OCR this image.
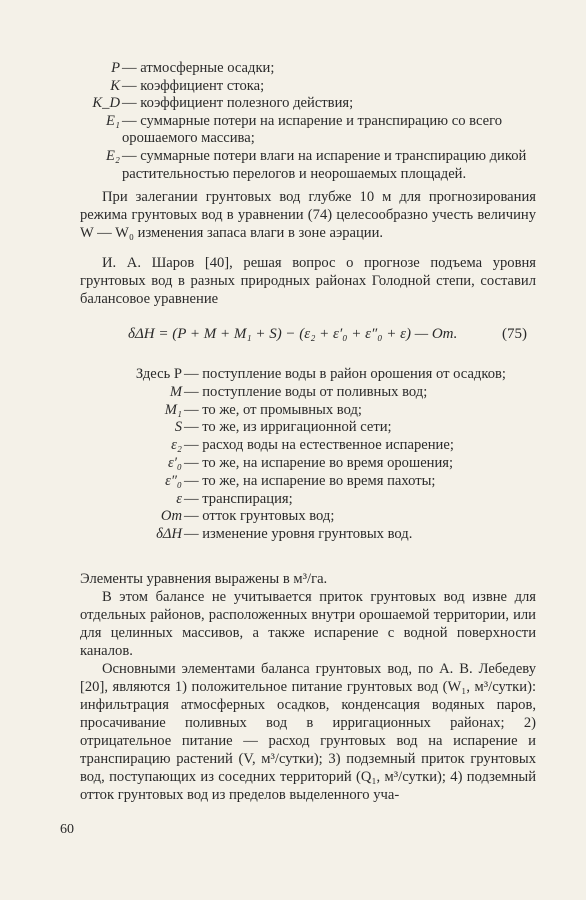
P — атмосферные осадки;
K — коэффициент стока;
K_D — коэффициент полезного действия;
E₁ — суммарные потери на испарение и транспирацию со всего орошаемого массива;
E₂ — суммарные потери влаги на испарение и транспирацию дикой растительностью перелогов и неорошаемых площадей.
При залегании грунтовых вод глубже 10 м для прогнозирования режима грунтовых вод в уравнении (74) целесообразно учесть величину W — W₀ изменения запаса влаги в зоне аэрации.
И. А. Шаров [40], решая вопрос о прогнозе подъема уровня грунтовых вод в разных природных районах Голодной степи, составил балансовое уравнение
δΔH = (P + M + M₁ + S) − (ε₂ + ε′₀ + ε″₀ + ε) — Oт.	(75)
Здесь P — поступление воды в район орошения от осадков;
M — поступление воды от поливных вод;
M₁ — то же, от промывных вод;
S — то же, из ирригационной сети;
ε₂ — расход воды на естественное испарение;
ε′₀ — то же, на испарение во время орошения;
ε″₀ — то же, на испарение во время пахоты;
ε — транспирация;
Oт — отток грунтовых вод;
δΔH — изменение уровня грунтовых вод.
Элементы уравнения выражены в м³/га.
В этом балансе не учитывается приток грунтовых вод извне для отдельных районов, расположенных внутри орошаемой территории, или для целинных массивов, а также испарение с водной поверхности каналов.
Основными элементами баланса грунтовых вод, по А. В. Лебедеву [20], являются 1) положительное питание грунтовых вод (W₁, м³/сутки): инфильтрация атмосферных осадков, конденсация водяных паров, просачивание поливных вод в ирригационных районах; 2) отрицательное питание — расход грунтовых вод на испарение и транспирацию растений (V, м³/сутки); 3) подземный приток грунтовых вод, поступающих из соседних территорий (Q₁, м³/сутки); 4) подземный отток грунтовых вод из пределов выделенного уча-
60
